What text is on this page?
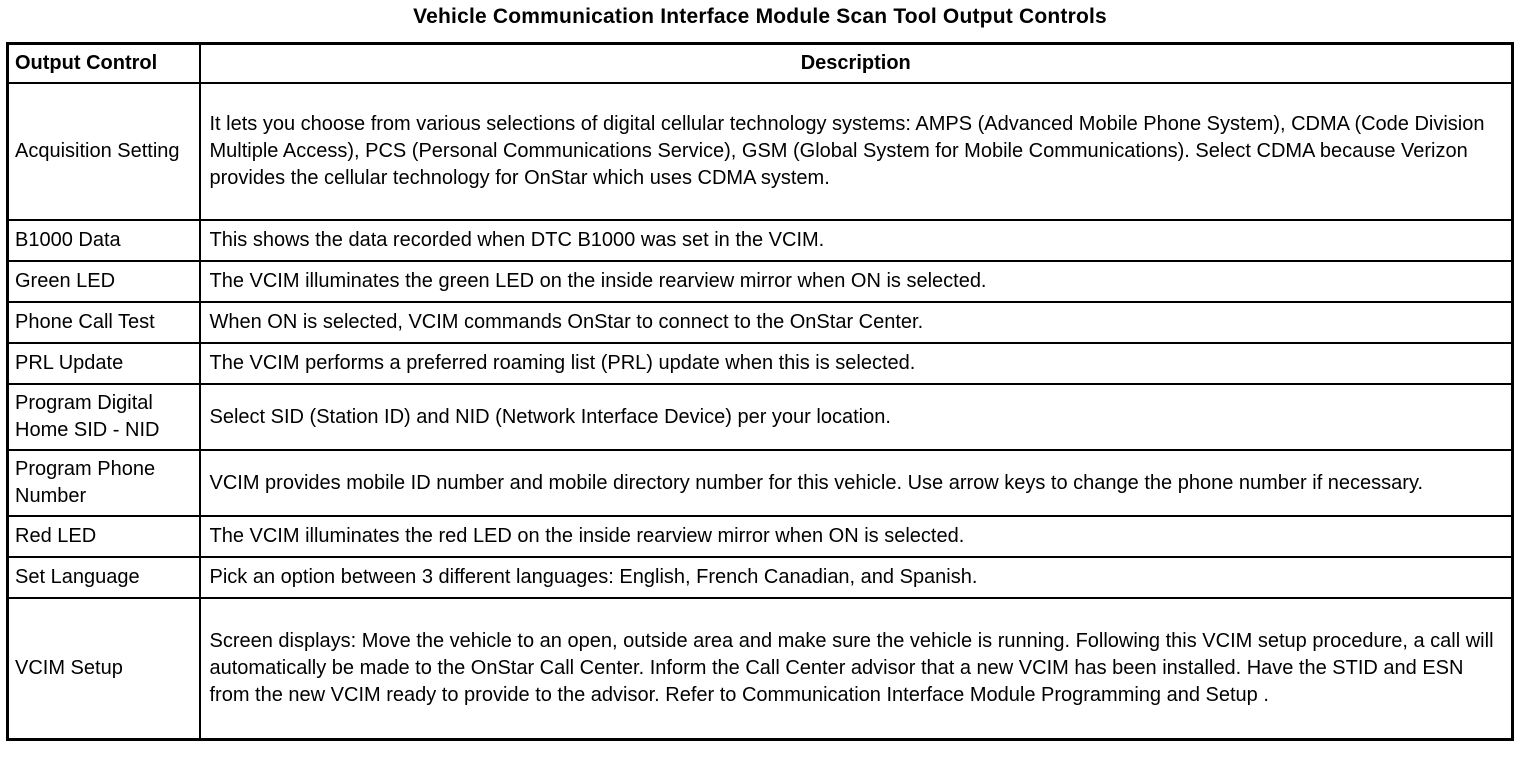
Vehicle Communication Interface Module Scan Tool Output Controls
Output Control	Description
Acquisition Setting	It lets you choose from various selections of digital cellular technology systems: AMPS (Advanced Mobile Phone System), CDMA (Code Division Multiple Access), PCS (Personal Communications Service), GSM (Global System for Mobile Communications). Select CDMA because Verizon provides the cellular technology for OnStar which uses CDMA system.
B1000 Data	This shows the data recorded when DTC B1000 was set in the VCIM.
Green LED	The VCIM illuminates the green LED on the inside rearview mirror when ON is selected.
Phone Call Test	When ON is selected, VCIM commands OnStar to connect to the OnStar Center.
PRL Update	The VCIM performs a preferred roaming list (PRL) update when this is selected.
Program Digital Home SID - NID	Select SID (Station ID) and NID (Network Interface Device) per your location.
Program Phone Number	VCIM provides mobile ID number and mobile directory number for this vehicle. Use arrow keys to change the phone number if necessary.
Red LED	The VCIM illuminates the red LED on the inside rearview mirror when ON is selected.
Set Language	Pick an option between 3 different languages: English, French Canadian, and Spanish.
VCIM Setup	Screen displays: Move the vehicle to an open, outside area and make sure the vehicle is running. Following this VCIM setup procedure, a call will automatically be made to the OnStar Call Center. Inform the Call Center advisor that a new VCIM has been installed. Have the STID and ESN from the new VCIM ready to provide to the advisor. Refer to Communication Interface Module Programming and Setup .
